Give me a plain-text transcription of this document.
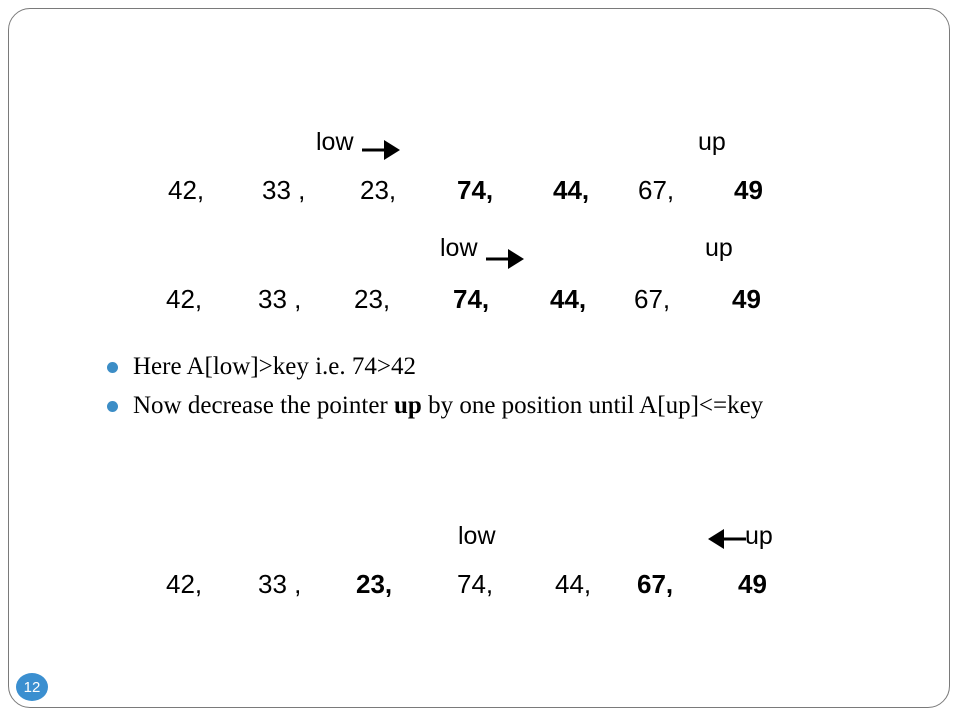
low	up
42, 33 , 23, 74, 44, 67, 49
low	up
42, 33 , 23, 74, 44, 67, 49
Here A[low]>key i.e. 74>42
Now decrease the pointer up by one position until A[up]<=key
low	up
42, 33 , 23, 74, 44, 67, 49
12
